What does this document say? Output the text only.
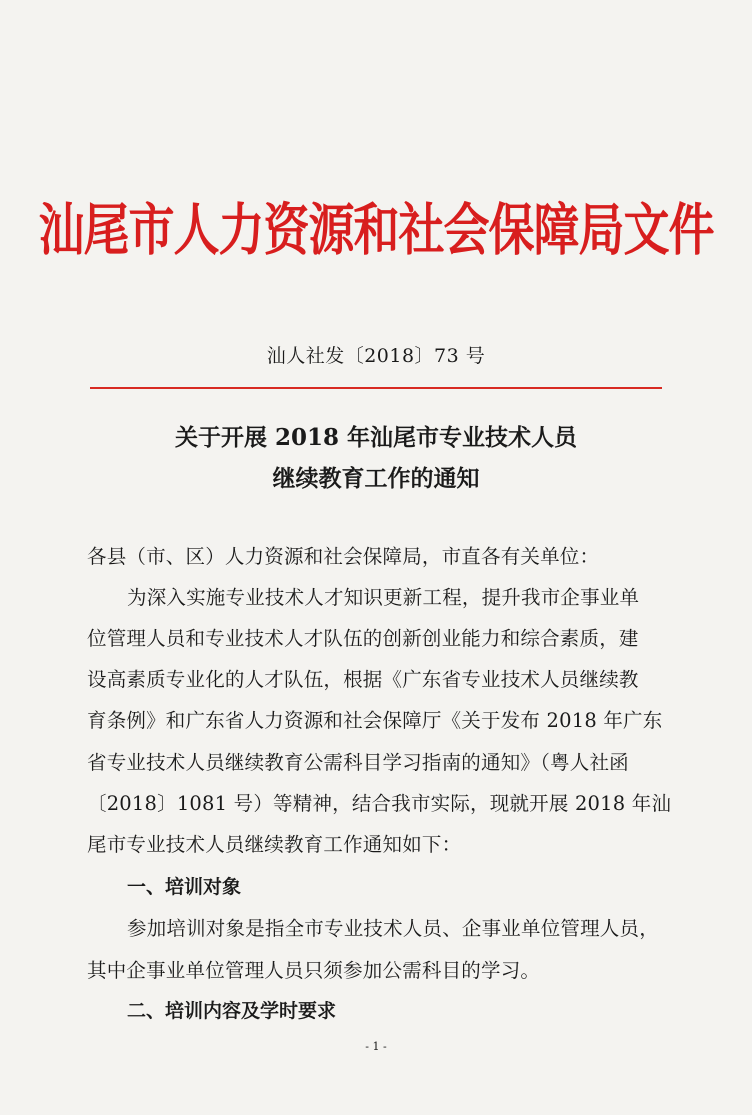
汕尾市人力资源和社会保障局文件
汕人社发〔2018〕73 号
关于开展 2018 年汕尾市专业技术人员
继续教育工作的通知
各县（市、区）人力资源和社会保障局，市直各有关单位：
为深入实施专业技术人才知识更新工程，提升我市企事业单
位管理人员和专业技术人才队伍的创新创业能力和综合素质，建
设高素质专业化的人才队伍，根据《广东省专业技术人员继续教
育条例》和广东省人力资源和社会保障厅《关于发布 2018 年广东
省专业技术人员继续教育公需科目学习指南的通知》（粤人社函
〔2018〕1081 号）等精神，结合我市实际，现就开展 2018 年汕
尾市专业技术人员继续教育工作通知如下：
一、培训对象
参加培训对象是指全市专业技术人员、企事业单位管理人员，
其中企事业单位管理人员只须参加公需科目的学习。
二、培训内容及学时要求
- 1 -
